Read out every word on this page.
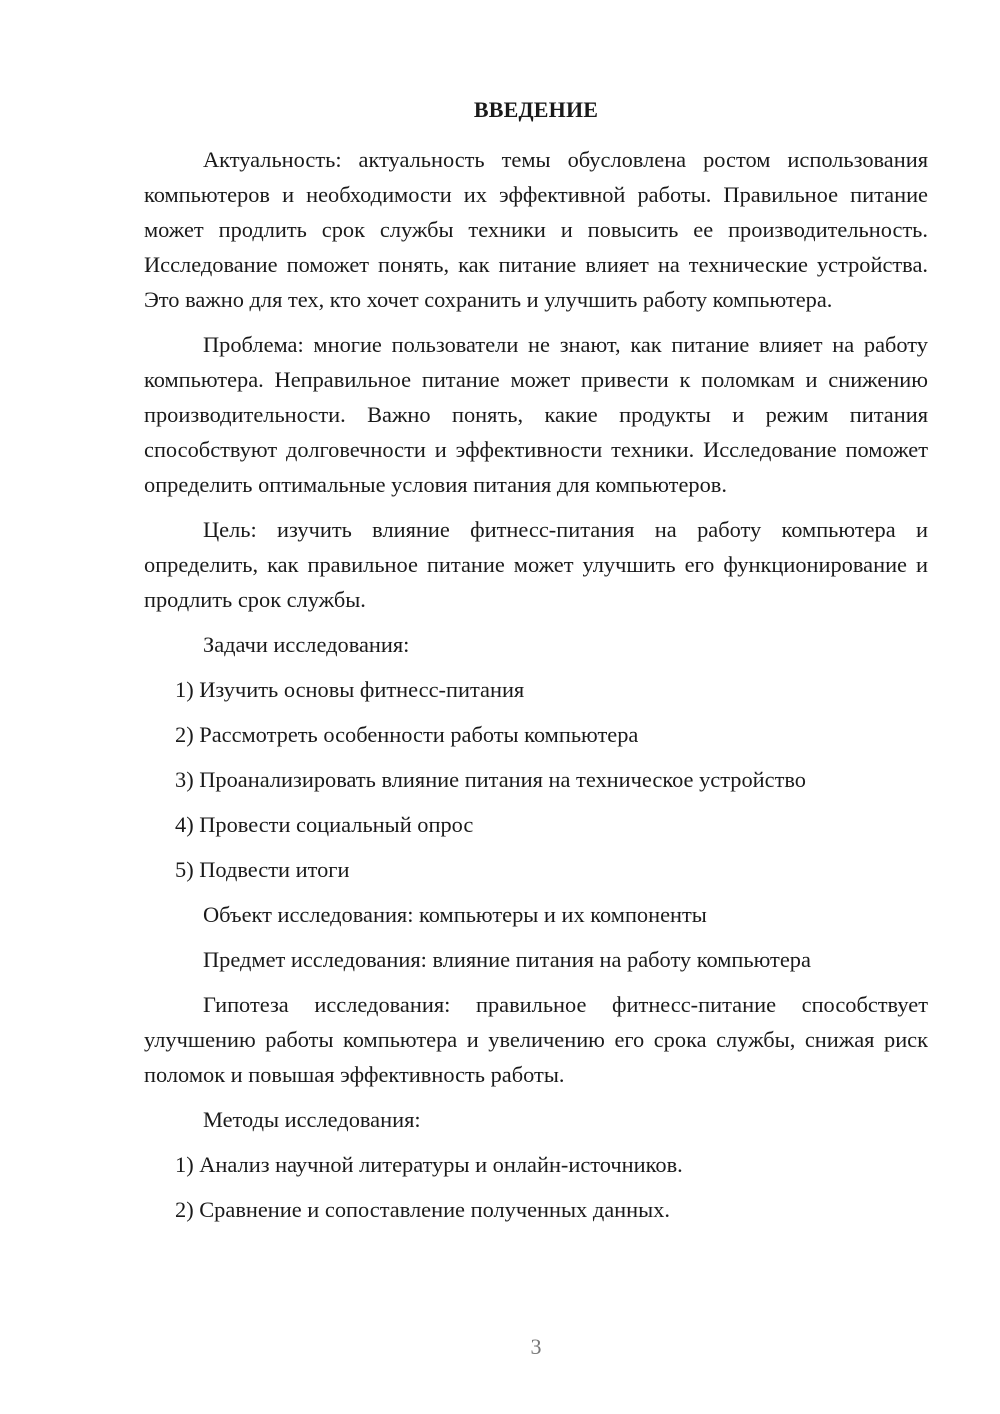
ВВЕДЕНИЕ

Актуальность: актуальность темы обусловлена ростом использования компьютеров и необходимости их эффективной работы. Правильное питание может продлить срок службы техники и повысить ее производительность. Исследование поможет понять, как питание влияет на технические устройства. Это важно для тех, кто хочет сохранить и улучшить работу компьютера.

Проблема: многие пользователи не знают, как питание влияет на работу компьютера. Неправильное питание может привести к поломкам и снижению производительности. Важно понять, какие продукты и режим питания способствуют долговечности и эффективности техники. Исследование поможет определить оптимальные условия питания для компьютеров.

Цель: изучить влияние фитнесс-питания на работу компьютера и определить, как правильное питание может улучшить его функционирование и продлить срок службы.

Задачи исследования:

1) Изучить основы фитнесс-питания

2) Рассмотреть особенности работы компьютера

3) Проанализировать влияние питания на техническое устройство

4) Провести социальный опрос

5) Подвести итоги

Объект исследования: компьютеры и их компоненты

Предмет исследования: влияние питания на работу компьютера

Гипотеза исследования: правильное фитнесс-питание способствует улучшению работы компьютера и увеличению его срока службы, снижая риск поломок и повышая эффективность работы.

Методы исследования:

1) Анализ научной литературы и онлайн-источников.

2) Сравнение и сопоставление полученных данных.

3
